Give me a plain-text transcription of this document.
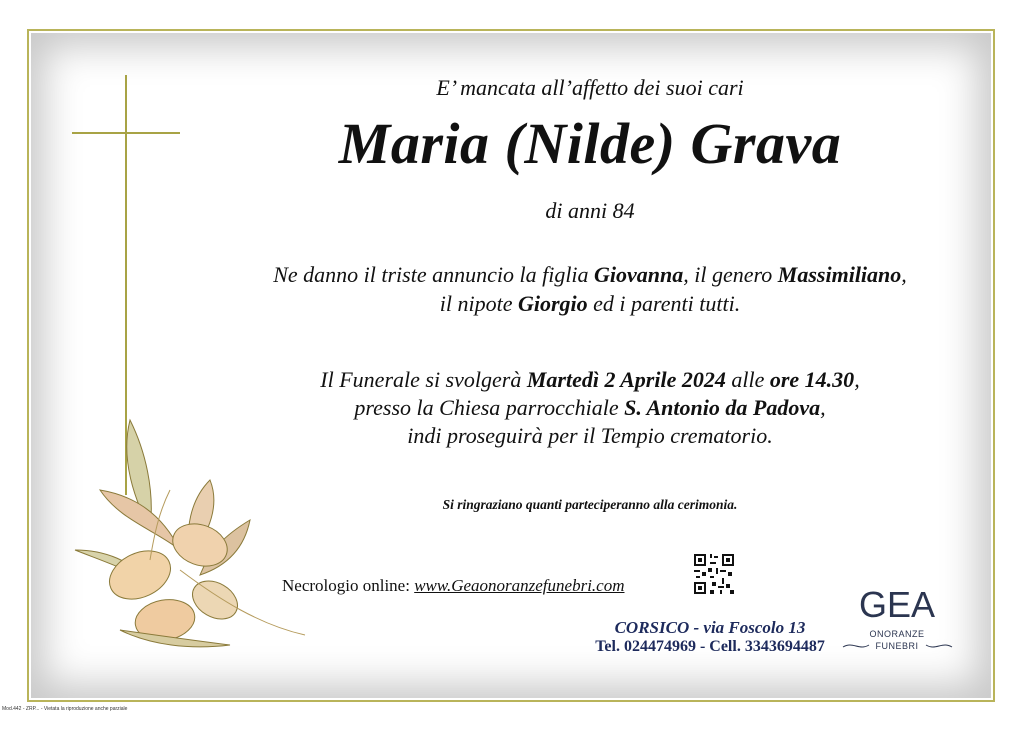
E’ mancata all’affetto dei suoi cari
Maria (Nilde) Grava
di anni 84
Ne danno il triste annuncio la figlia Giovanna, il genero Massimiliano,
il nipote Giorgio ed i parenti tutti.
Il Funerale si svolgerà Martedì 2 Aprile 2024 alle ore 14.30,
presso la Chiesa parrocchiale S. Antonio da Padova,
indi proseguirà per il Tempio crematorio.
Si ringraziano quanti parteciperanno alla cerimonia.
Necrologio online: www.Geaonoranzefunebri.com
CORSICO - via Foscolo 13
Tel. 024474969 - Cell. 3343694487
GEA
ONORANZE
FUNEBRI
Mod.442 - ZRP... - Vietata la riproduzione anche parziale
